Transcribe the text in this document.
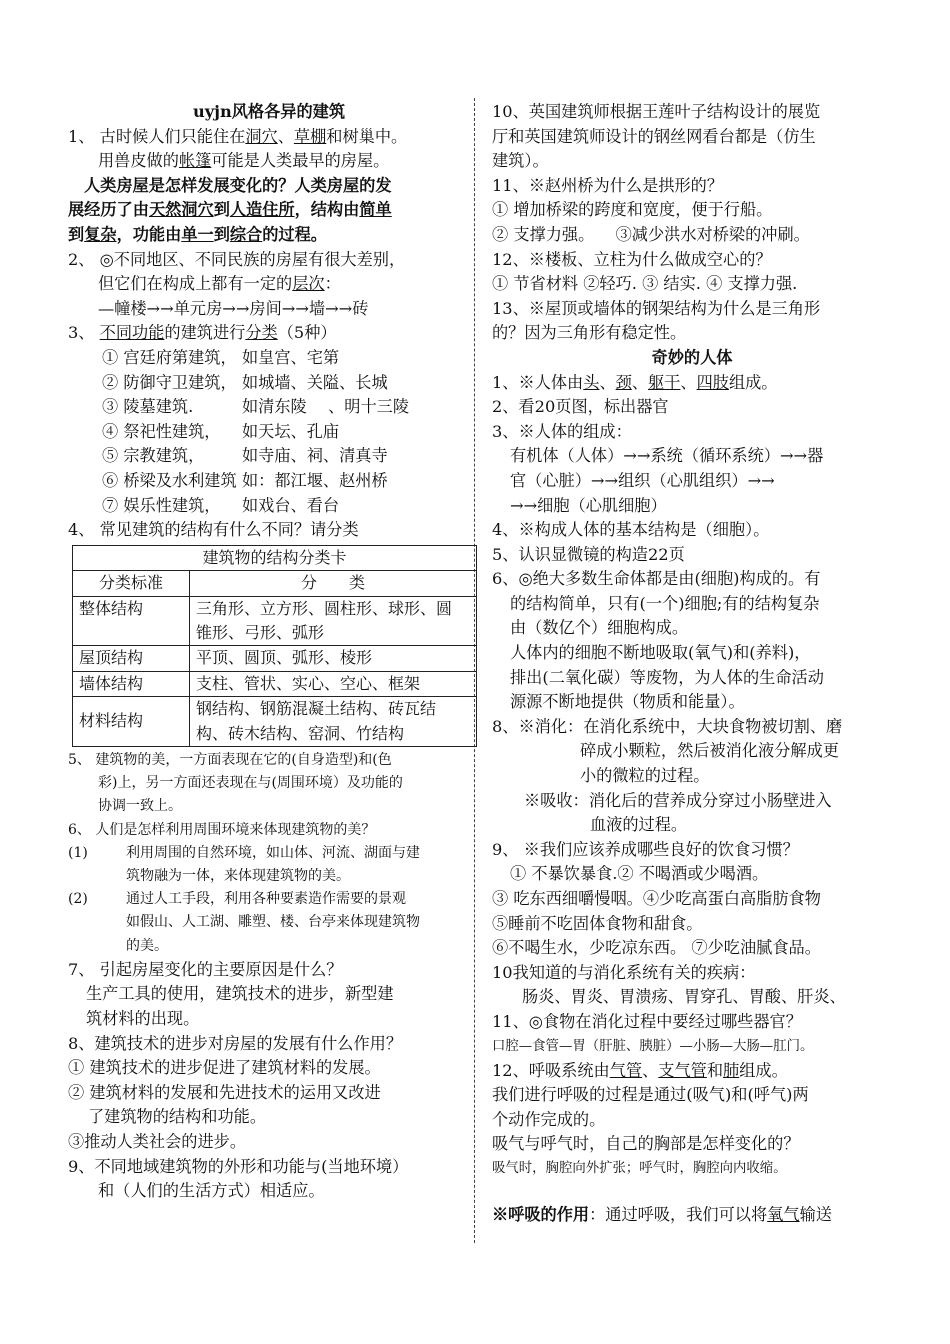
uyjn风格各异的建筑
1、 古时候人们只能住在洞穴、草棚和树巢中。
用兽皮做的帐篷可能是人类最早的房屋。
人类房屋是怎样发展变化的？人类房屋的发
展经历了由天然洞穴到人造住所，结构由简单
到复杂，功能由单一到综合的过程。
2、 ◎不同地区、不同民族的房屋有很大差别，
但它们在构成上都有一定的层次：
—幢楼→→单元房→→房间→→墙→→砖
3、 不同功能的建筑进行分类（5种）
① 宫廷府第建筑， 如皇宫、宅第
② 防御守卫建筑， 如城墙、关隘、长城
③ 陵墓建筑.	如清东陵 　、明十三陵
④ 祭祀性建筑， 如天坛、孔庙
⑤ 宗教建筑， 如寺庙、祠、清真寺
⑥ 桥梁及水利建筑 如：都江堰、赵州桥
⑦ 娱乐性建筑， 如戏台、看台
4、 常见建筑的结构有什么不同？请分类
建筑物的结构分类卡	
分类标准	分　　类
整体结构	三角形、立方形、圆柱形、球形、圆
锥形、弓形、弧形

屋顶结构	平顶、圆顶、弧形、棱形
墙体结构	支柱、管状、实心、空心、框架
材料结构	钢结构、钢筋混凝土结构、砖瓦结
构、砖木结构、窑洞、竹结构
5、 建筑物的美，一方面表现在它的(自身造型)和(色
彩)上，另一方面还表现在与(周围环境）及功能的
协调一致上。
6、 人们是怎样利用周围环境来体现建筑物的美？
(1)	利用周围的自然环境，如山体、河流、湖面与建
筑物融为一体，来体现建筑物的美。
(2)	通过人工手段，利用各种要素造作需要的景观
如假山、人工湖、雕塑、楼、台亭来体现建筑物
的美。
7、 引起房屋变化的主要原因是什么？
生产工具的使用，建筑技术的进步，新型建
筑材料的出现。
8、建筑技术的进步对房屋的发展有什么作用？
① 建筑技术的进步促进了建筑材料的发展。
② 建筑材料的发展和先进技术的运用又改进
了建筑物的结构和功能。
③推动人类社会的进步。
9、不同地域建筑物的外形和功能与(当地环境）
和（人们的生活方式）相适应。
10、英国建筑师根据王莲叶子结构设计的展览
厅和英国建筑师设计的钢丝网看台都是（仿生
建筑）。
11、※赵州桥为什么是拱形的？
① 增加桥梁的跨度和宽度，便于行船。
② 支撑力强。 　③减少洪水对桥梁的冲刷。
12、※楼板、立柱为什么做成空心的？
① 节省材料 ②轻巧. ③ 结实. ④ 支撑力强.
13、※屋顶或墙体的钢架结构为什么是三角形
的？因为三角形有稳定性。
奇妙的人体
1、※人体由头、颈、躯干、四肢组成。
2、看20页图，标出器官
3、※人体的组成：
有机体（人体）→→系统（循环系统）→→器
官（心脏）→→组织（心肌组织）→→
→→细胞（心肌细胞）
4、※构成人体的基本结构是（细胞）。
5、认识显微镜的构造22页
6、◎绝大多数生命体都是由(细胞)构成的。有
的结构简单，只有(一个)细胞;有的结构复杂
由（数亿个）细胞构成。
人体内的细胞不断地吸取(氧气)和(养料)，
排出(二氧化碳）等废物，为人体的生命活动
源源不断地提供（物质和能量）。
8、※消化：在消化系统中，大块食物被切割、磨
碎成小颗粒，然后被消化液分解成更
小的微粒的过程。
※吸收：消化后的营养成分穿过小肠壁进入
血液的过程。
9、 ※我们应该养成哪些良好的饮食习惯？
① 不暴饮暴食.② 不喝酒或少喝酒。
③ 吃东西细嚼慢咽。④少吃高蛋白高脂肪食物
⑤睡前不吃固体食物和甜食。
⑥不喝生水，少吃凉东西。 ⑦少吃油腻食品。
10我知道的与消化系统有关的疾病：
肠炎、胃炎、胃溃疡、胃穿孔、胃酸、肝炎、
11、◎食物在消化过程中要经过哪些器官？
口腔—食管—胃（肝脏、胰脏）—小肠—大肠—肛门。
12、呼吸系统由气管、支气管和肺组成。
我们进行呼吸的过程是通过(吸气)和(呼气)两
个动作完成的。
吸气与呼气时，自己的胸部是怎样变化的？
吸气时，胸腔向外扩张；呼气时，胸腔向内收缩。
※呼吸的作用：通过呼吸，我们可以将氧气输送
